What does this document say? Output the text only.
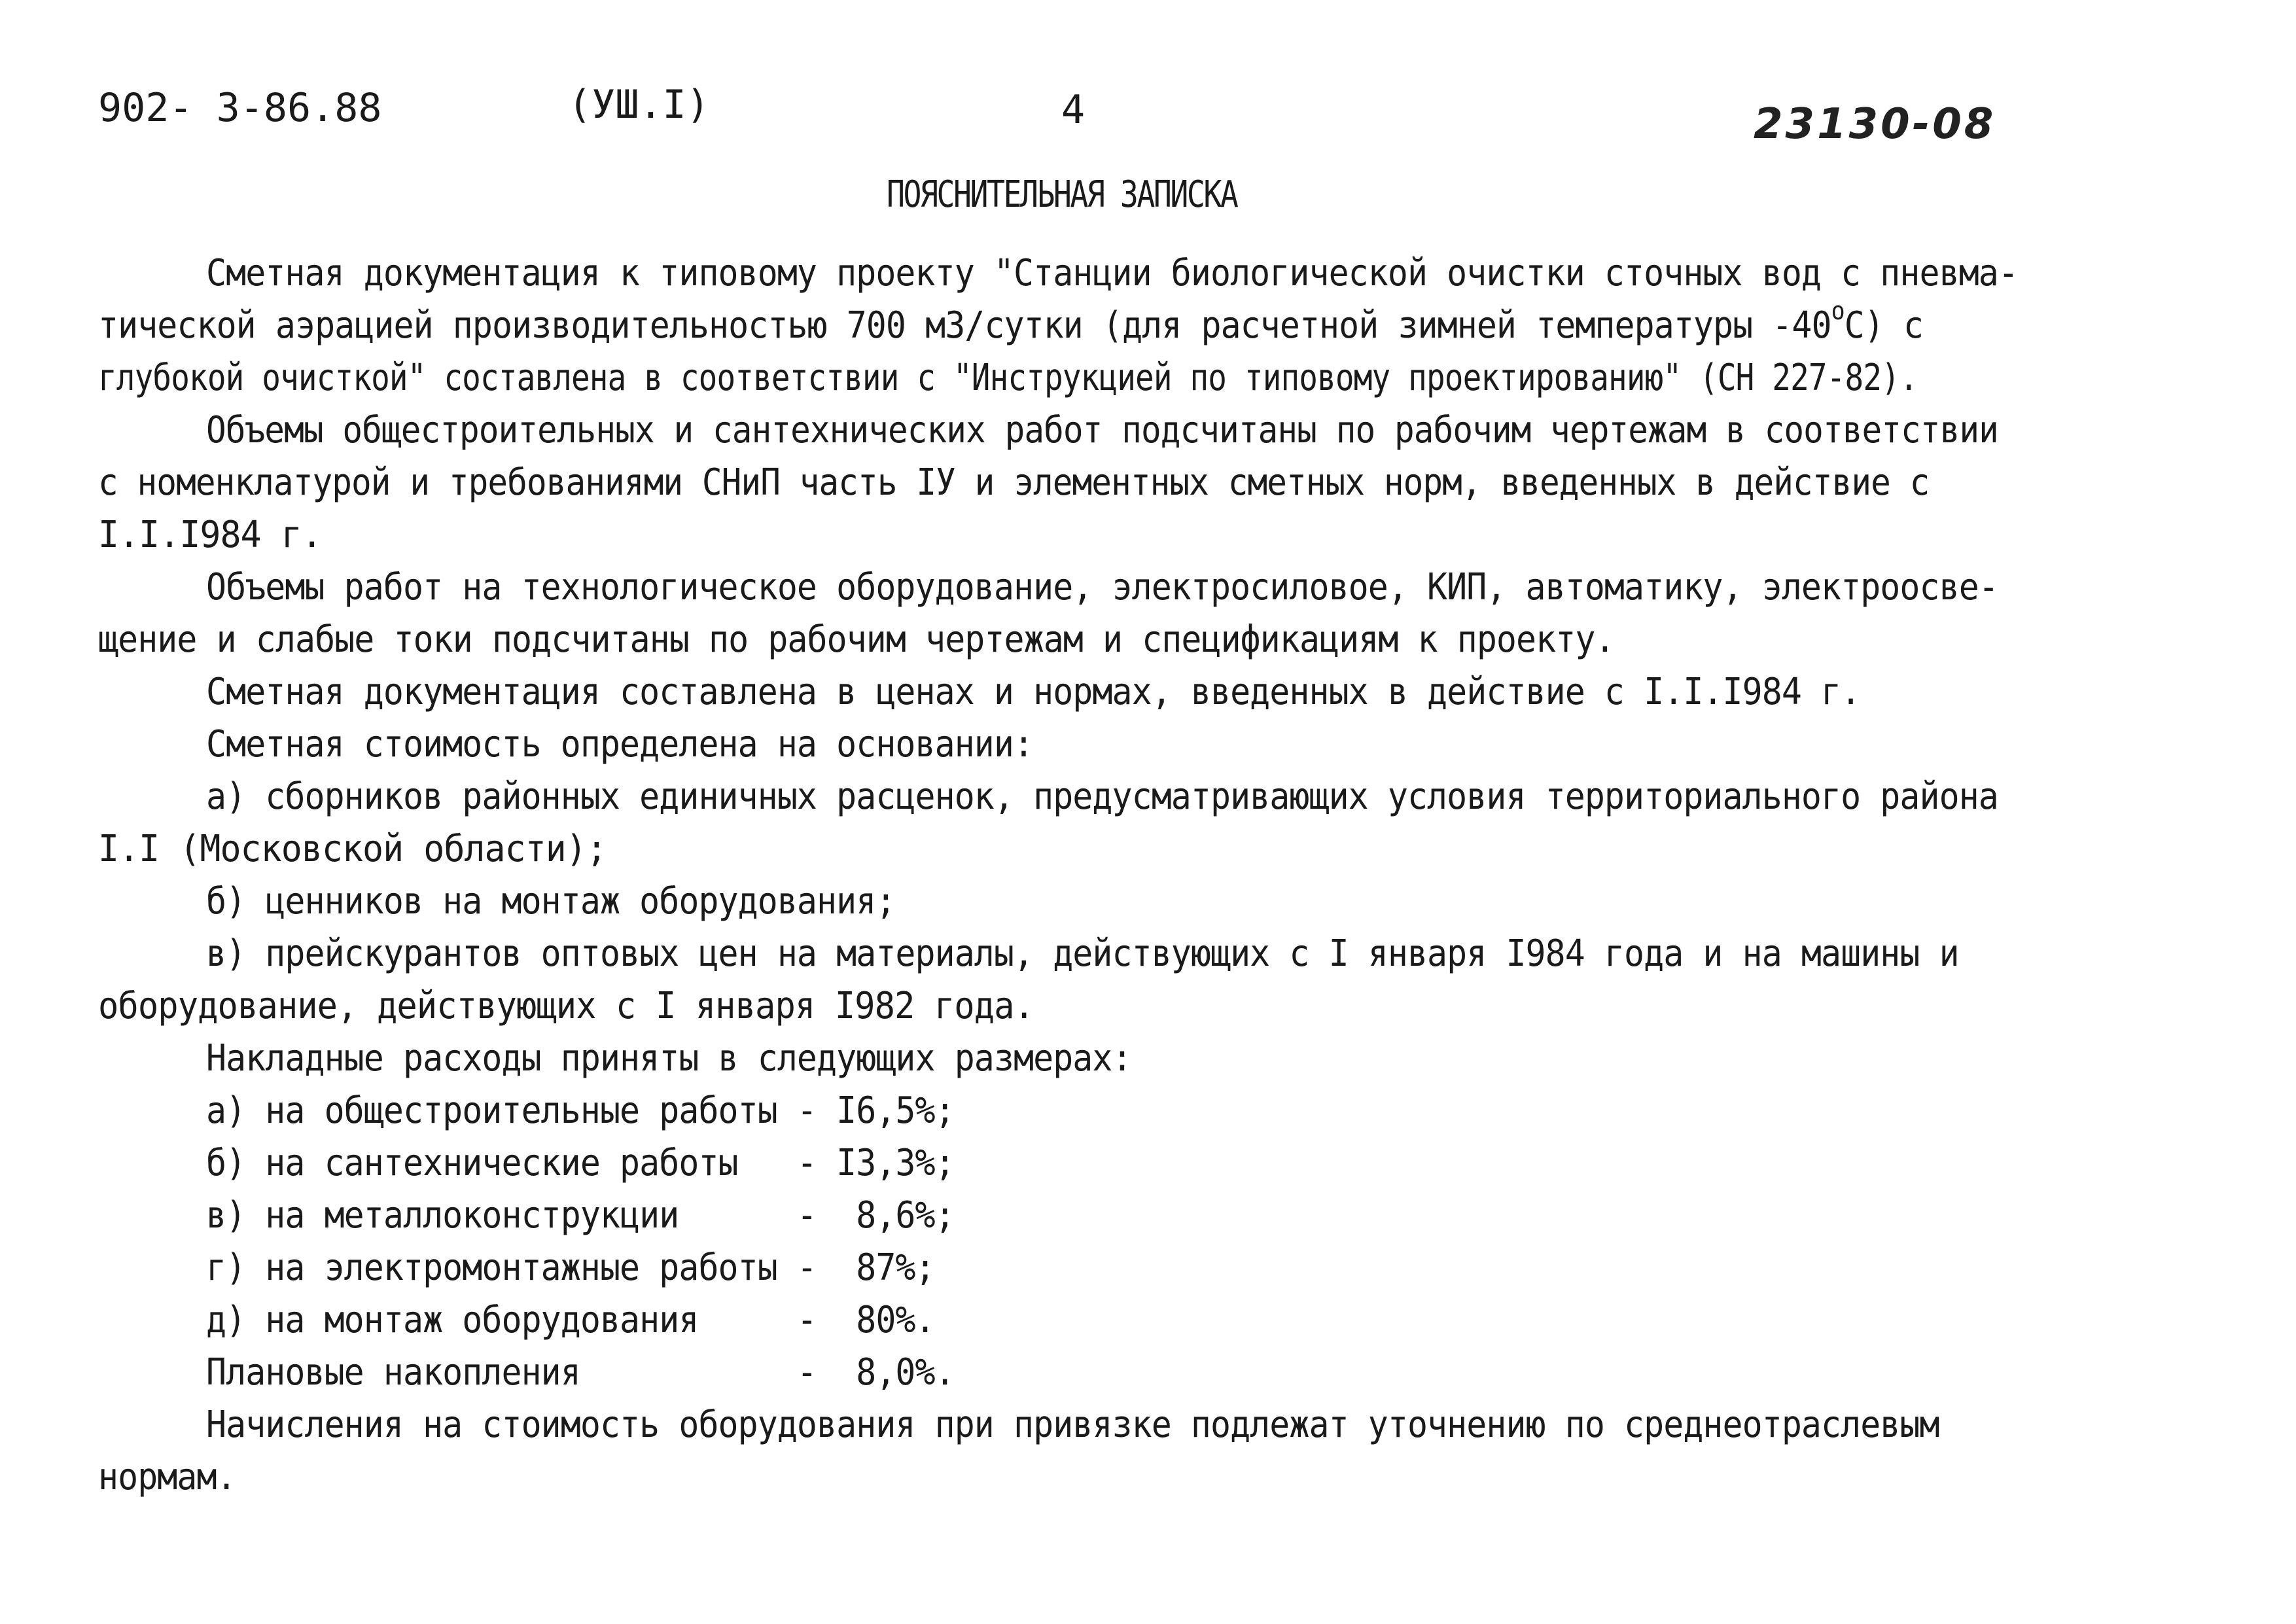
902- 3-86.88	(УШ.I)	4	23130-08
ПОЯСНИТЕЛЬНАЯ ЗАПИСКА
Сметная документация к типовому проекту "Станции биологической очистки сточных вод с пневма-
тической аэрацией производительностью 700 м3/сутки (для расчетной зимней температуры -40$^o$С) с
глубокой очисткой" составлена в соответствии с "Инструкцией по типовому проектированию" (СН 227-82).
Объемы общестроительных и сантехнических работ подсчитаны по рабочим чертежам в соответствии
с номенклатурой и требованиями СНиП часть IУ и элементных сметных норм, введенных в действие с
I.I.I984 г.
Объемы работ на технологическое оборудование, электросиловое, КИП, автоматику, электроосве-
щение и слабые токи подсчитаны по рабочим чертежам и спецификациям к проекту.
Сметная документация составлена в ценах и нормах, введенных в действие с I.I.I984 г.
Сметная стоимость определена на основании:
а) сборников районных единичных расценок, предусматривающих условия территориального района
I.I (Московской области);
б) ценников на монтаж оборудования;
в) прейскурантов оптовых цен на материалы, действующих с I января I984 года и на машины и
оборудование, действующих с I января I982 года.
Накладные расходы приняты в следующих размерах:
а) на общестроительные работы - I6,5%;
б) на сантехнические работы   - I3,3%;
в) на металлоконструкции      -  8,6%;
г) на электромонтажные работы -  87%;
д) на монтаж оборудования     -  80%.
Плановые накопления           -  8,0%.
Начисления на стоимость оборудования при привязке подлежат уточнению по среднеотраслевым
нормам.
